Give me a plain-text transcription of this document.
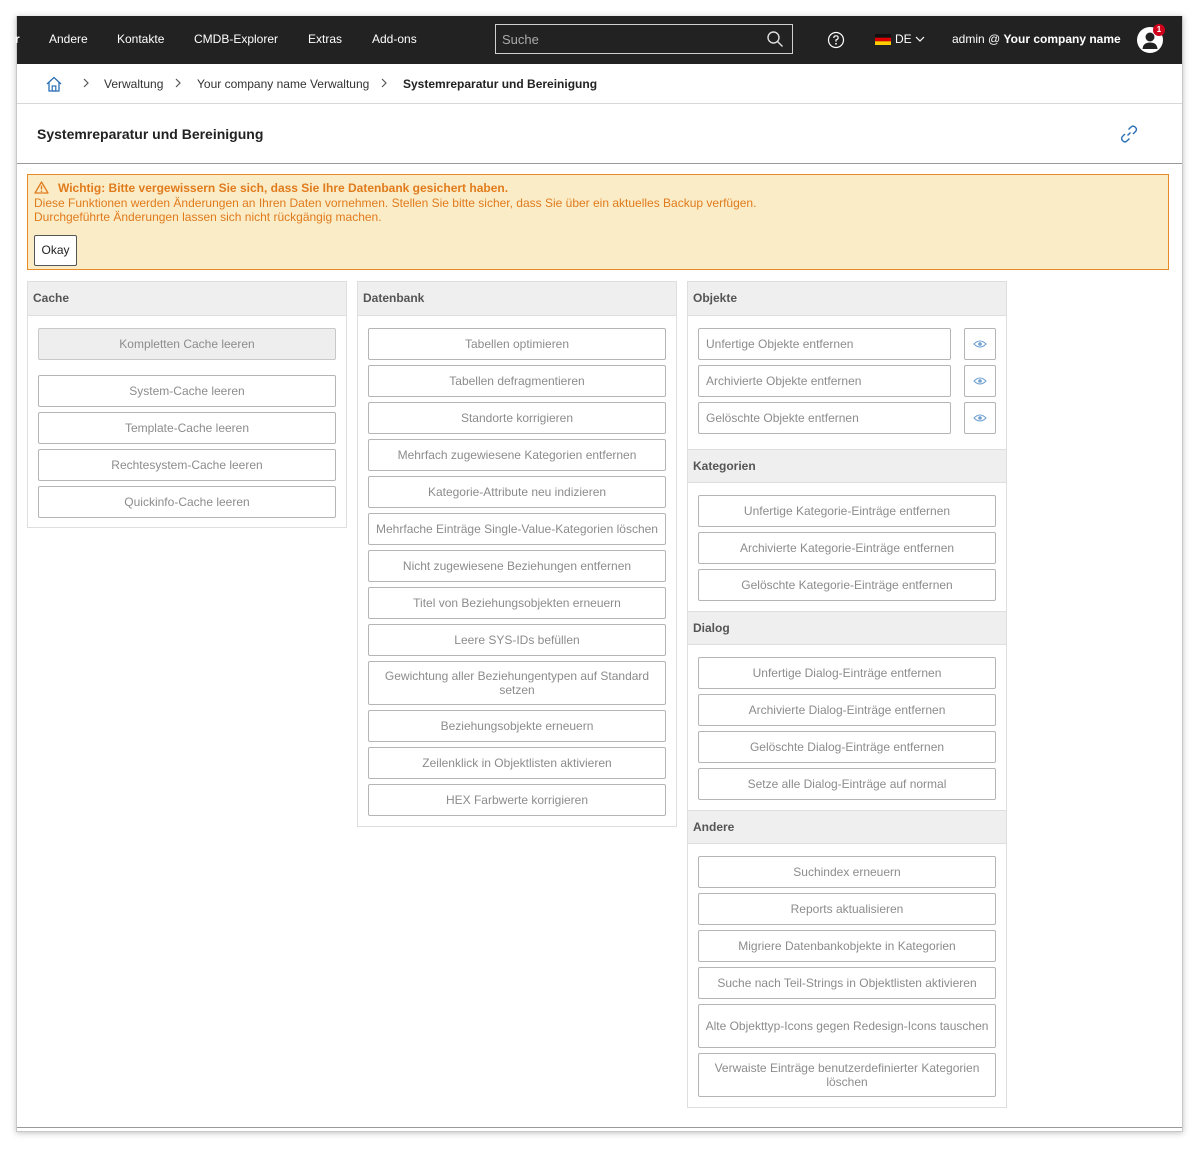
r Andere Kontakte CMDB-Explorer Extras Add-ons
Suche	DE	admin @ Your company name
1
Verwaltung	Your company name Verwaltung	Systemreparatur und Bereinigung
Systemreparatur und Bereinigung
Wichtig: Bitte vergewissern Sie sich, dass Sie Ihre Datenbank gesichert haben.
Diese Funktionen werden Änderungen an Ihren Daten vornehmen. Stellen Sie bitte sicher, dass Sie über ein aktuelles Backup verfügen.
Durchgeführte Änderungen lassen sich nicht rückgängig machen.
Okay
Cache
Kompletten Cache leeren
System-Cache leeren
Template-Cache leeren
Rechtesystem-Cache leeren
Quickinfo-Cache leeren
Datenbank
Tabellen optimieren
Tabellen defragmentieren
Standorte korrigieren
Mehrfach zugewiesene Kategorien entfernen
Kategorie-Attribute neu indizieren
Mehrfache Einträge Single-Value-Kategorien löschen
Nicht zugewiesene Beziehungen entfernen
Titel von Beziehungsobjekten erneuern
Leere SYS-IDs befüllen
Gewichtung aller Beziehungentypen auf Standard setzen
Beziehungsobjekte erneuern
Zeilenklick in Objektlisten aktivieren
HEX Farbwerte korrigieren
Objekte
Unfertige Objekte entfernen
Archivierte Objekte entfernen
Gelöschte Objekte entfernen
Kategorien
Unfertige Kategorie-Einträge entfernen
Archivierte Kategorie-Einträge entfernen
Gelöschte Kategorie-Einträge entfernen
Dialog
Unfertige Dialog-Einträge entfernen
Archivierte Dialog-Einträge entfernen
Gelöschte Dialog-Einträge entfernen
Setze alle Dialog-Einträge auf normal
Andere
Suchindex erneuern
Reports aktualisieren
Migriere Datenbankobjekte in Kategorien
Suche nach Teil-Strings in Objektlisten aktivieren
Alte Objekttyp-Icons gegen Redesign-Icons tauschen
Verwaiste Einträge benutzerdefinierter Kategorien löschen
